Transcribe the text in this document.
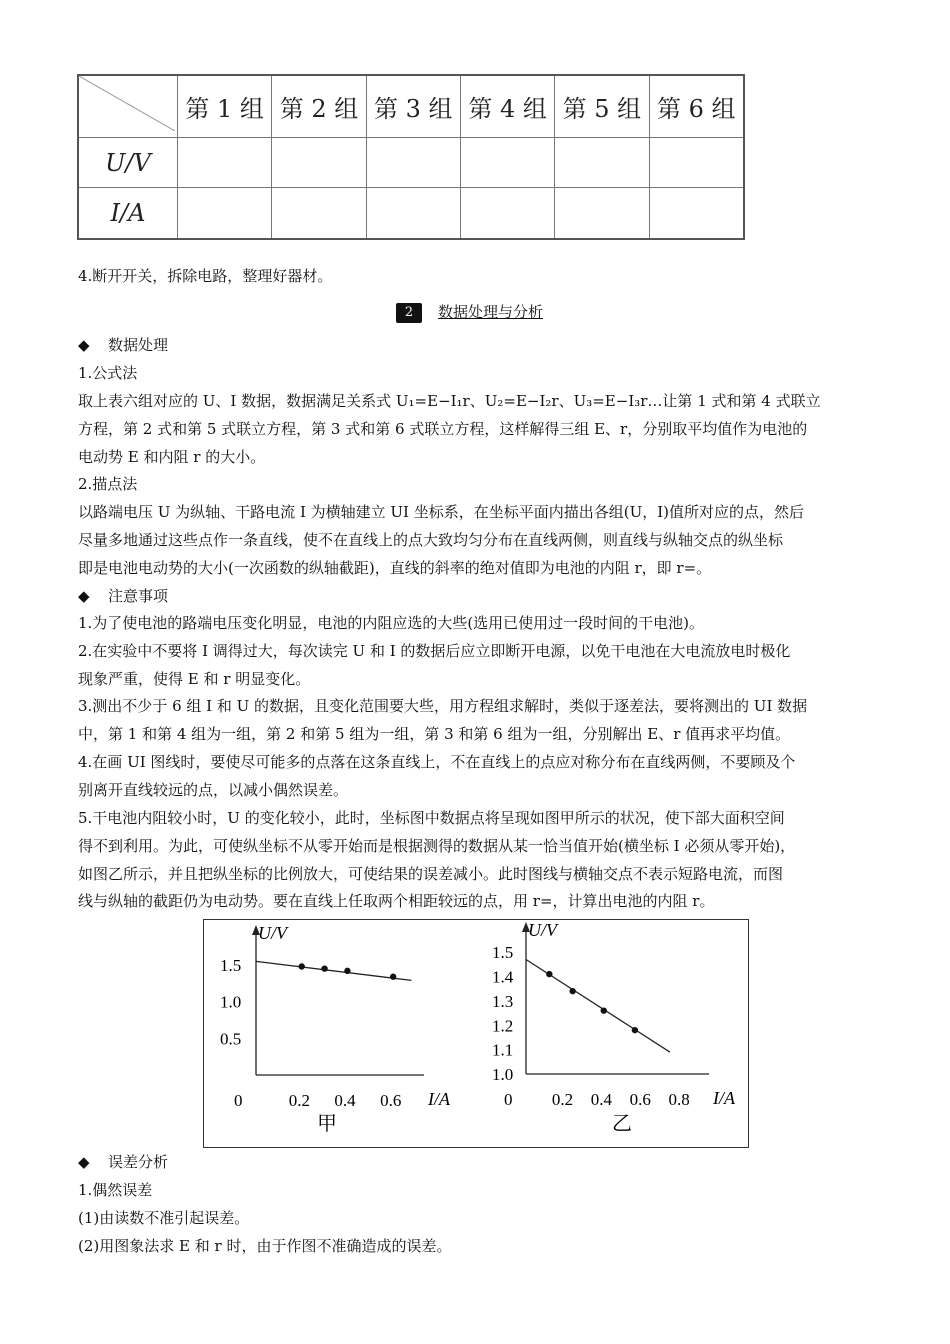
	第 1 组	第 2 组	第 3 组	第 4 组	第 5 组	第 6 组
U/V						
I/A						
4.断开开关，拆除电路，整理好器材。
2 数据处理与分析
◆ 数据处理
1.公式法
取上表六组对应的 U、I 数据，数据满足关系式 U₁=E−I₁r、U₂=E−I₂r、U₃=E−I₃r…让第 1 式和第 4 式联立
方程，第 2 式和第 5 式联立方程，第 3 式和第 6 式联立方程，这样解得三组 E、r，分别取平均值作为电池的
电动势 E 和内阻 r 的大小。
2.描点法
以路端电压 U 为纵轴、干路电流 I 为横轴建立 UI 坐标系，在坐标平面内描出各组(U，I)值所对应的点，然后
尽量多地通过这些点作一条直线，使不在直线上的点大致均匀分布在直线两侧，则直线与纵轴交点的纵坐标
即是电池电动势的大小(一次函数的纵轴截距)，直线的斜率的绝对值即为电池的内阻 r，即 r=。
◆ 注意事项
1.为了使电池的路端电压变化明显，电池的内阻应选的大些(选用已使用过一段时间的干电池)。
2.在实验中不要将 I 调得过大，每次读完 U 和 I 的数据后应立即断开电源，以免干电池在大电流放电时极化
现象严重，使得 E 和 r 明显变化。
3.测出不少于 6 组 I 和 U 的数据，且变化范围要大些，用方程组求解时，类似于逐差法，要将测出的 UI 数据
中，第 1 和第 4 组为一组，第 2 和第 5 组为一组，第 3 和第 6 组为一组，分别解出 E、r 值再求平均值。
4.在画 UI 图线时，要使尽可能多的点落在这条直线上，不在直线上的点应对称分布在直线两侧，不要顾及个
别离开直线较远的点，以减小偶然误差。
5.干电池内阻较小时，U 的变化较小，此时，坐标图中数据点将呈现如图甲所示的状况，使下部大面积空间
得不到利用。为此，可使纵坐标不从零开始而是根据测得的数据从某一恰当值开始(横坐标 I 必须从零开始)，
如图乙所示，并且把纵坐标的比例放大，可使结果的误差减小。此时图线与横轴交点不表示短路电流，而图
线与纵轴的截距仍为电动势。要在直线上任取两个相距较远的点，用 r=，计算出电池的内阻 r。
U/V
I/A
0
0.5
1.0
1.5
0.2 0.4 0.6
甲
U/V
I/A
0
1.0
1.1
1.2
1.3
1.4
1.5
0.2 0.4 0.6 0.8
乙
◆ 误差分析
1.偶然误差
(1)由读数不准引起误差。
(2)用图象法求 E 和 r 时，由于作图不准确造成的误差。
